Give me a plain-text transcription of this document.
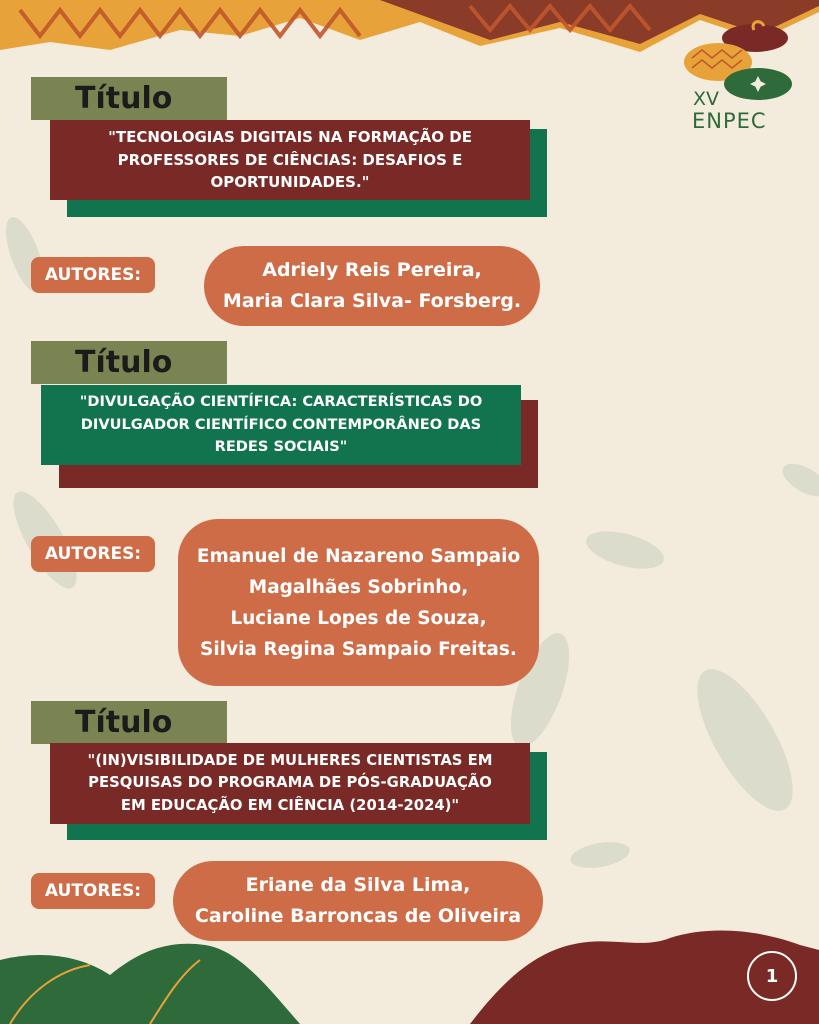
XV
ENPEC
Título
"TECNOLOGIAS DIGITAIS NA FORMAÇÃO DE
PROFESSORES DE CIÊNCIAS: DESAFIOS E
OPORTUNIDADES."
AUTORES:	Adriely Reis Pereira,
Maria Clara Silva- Forsberg.
Título
"DIVULGAÇÃO CIENTÍFICA: CARACTERÍSTICAS DO
DIVULGADOR CIENTÍFICO CONTEMPORÂNEO DAS
REDES SOCIAIS"
AUTORES:	Emanuel de Nazareno Sampaio
Magalhães Sobrinho,
Luciane Lopes de Souza,
Silvia Regina Sampaio Freitas.
Título
"(IN)VISIBILIDADE DE MULHERES CIENTISTAS EM
PESQUISAS DO PROGRAMA DE PÓS-GRADUAÇÃO
EM EDUCAÇÃO EM CIÊNCIA (2014-2024)"
AUTORES:	Eriane da Silva Lima,
Caroline Barroncas de Oliveira
1
